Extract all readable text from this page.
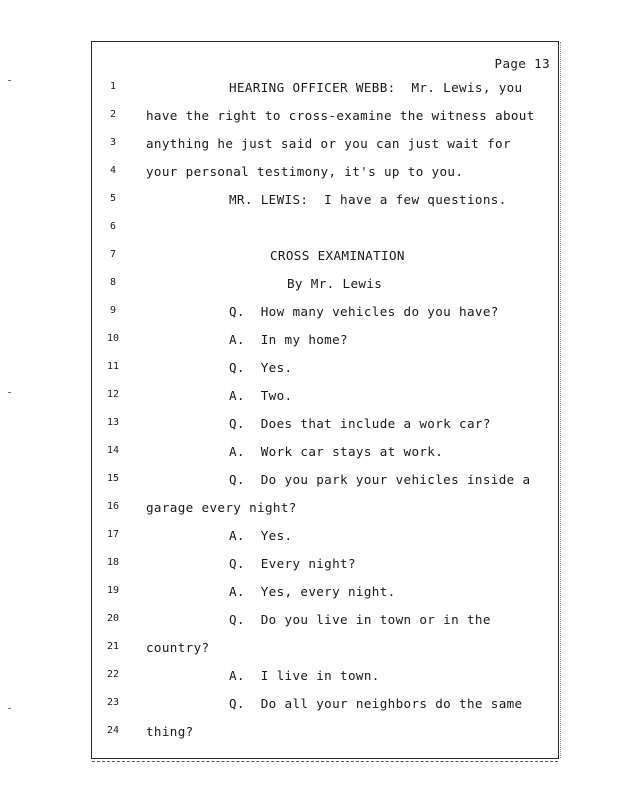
Page 13
1	HEARING OFFICER WEBB:  Mr. Lewis, you
2	have the right to cross-examine the witness about
3	anything he just said or you can just wait for
4	your personal testimony, it's up to you.
5	MR. LEWIS:  I have a few questions.
6
7	CROSS EXAMINATION
8	By Mr. Lewis
9	Q.  How many vehicles do you have?
10	A.  In my home?
11	Q.  Yes.
12	A.  Two.
13	Q.  Does that include a work car?
14	A.  Work car stays at work.
15	Q.  Do you park your vehicles inside a
16	garage every night?
17	A.  Yes.
18	Q.  Every night?
19	A.  Yes, every night.
20	Q.  Do you live in town or in the
21	country?
22	A.  I live in town.
23	Q.  Do all your neighbors do the same
24	thing?
